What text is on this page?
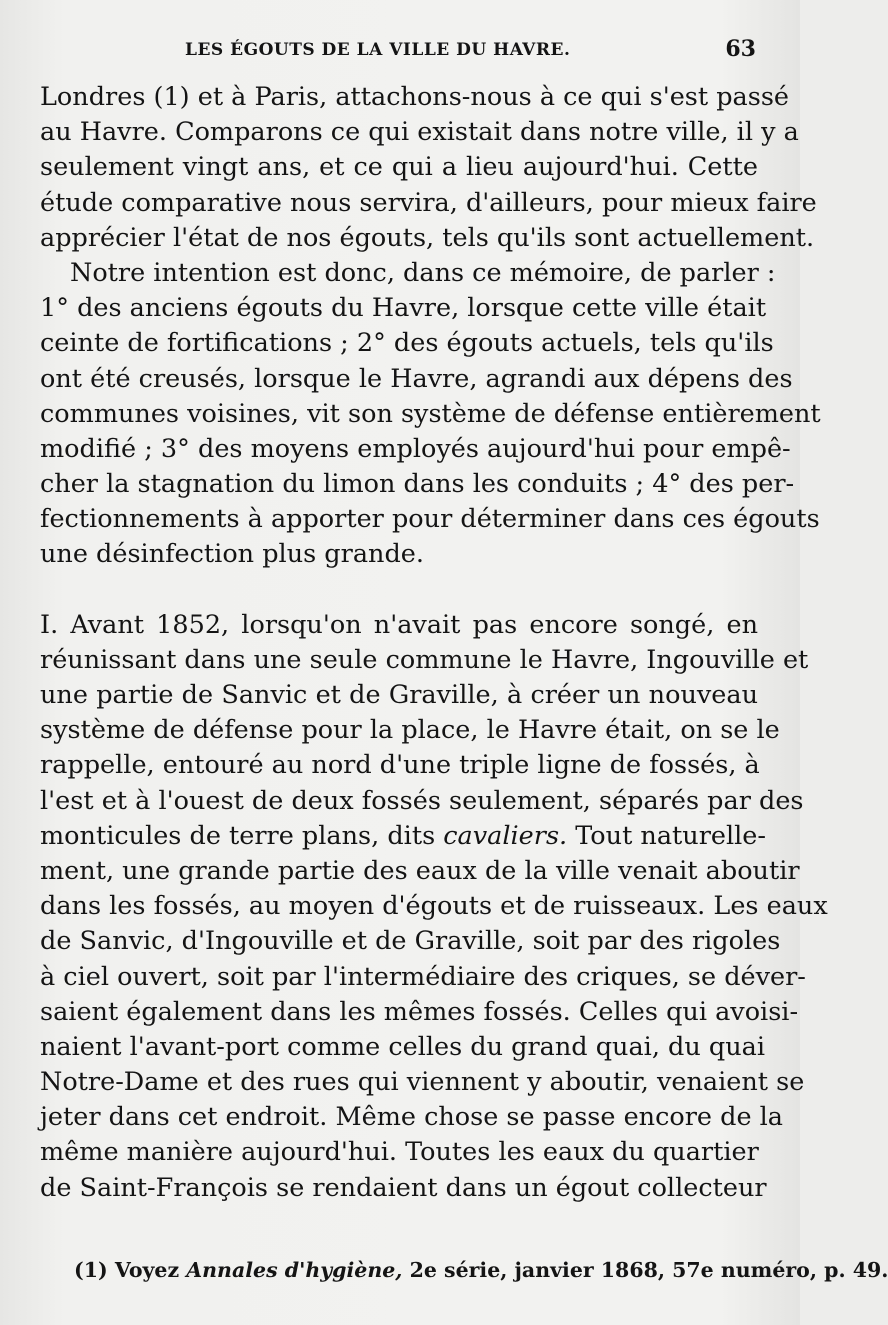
LES ÉGOUTS DE LA VILLE DU HAVRE.	63
Londres (1) et à Paris, attachons-nous à ce qui s'est passé
au Havre. Comparons ce qui existait dans notre ville, il y a
seulement vingt ans, et ce qui a lieu aujourd'hui. Cette
étude comparative nous servira, d'ailleurs, pour mieux faire
apprécier l'état de nos égouts, tels qu'ils sont actuellement.
Notre intention est donc, dans ce mémoire, de parler :
1° des anciens égouts du Havre, lorsque cette ville était
ceinte de fortifications ; 2° des égouts actuels, tels qu'ils
ont été creusés, lorsque le Havre, agrandi aux dépens des
communes voisines, vit son système de défense entièrement
modifié ; 3° des moyens employés aujourd'hui pour empê-
cher la stagnation du limon dans les conduits ; 4° des per-
fectionnements à apporter pour déterminer dans ces égouts
une désinfection plus grande.
I. Avant 1852, lorsqu'on n'avait pas encore songé, en
réunissant dans une seule commune le Havre, Ingouville et
une partie de Sanvic et de Graville, à créer un nouveau
système de défense pour la place, le Havre était, on se le
rappelle, entouré au nord d'une triple ligne de fossés, à
l'est et à l'ouest de deux fossés seulement, séparés par des
monticules de terre plans, dits cavaliers. Tout naturelle-
ment, une grande partie des eaux de la ville venait aboutir
dans les fossés, au moyen d'égouts et de ruisseaux. Les eaux
de Sanvic, d'Ingouville et de Graville, soit par des rigoles
à ciel ouvert, soit par l'intermédiaire des criques, se déver-
saient également dans les mêmes fossés. Celles qui avoisi-
naient l'avant-port comme celles du grand quai, du quai
Notre-Dame et des rues qui viennent y aboutir, venaient se
jeter dans cet endroit. Même chose se passe encore de la
même manière aujourd'hui. Toutes les eaux du quartier
de Saint-François se rendaient dans un égout collecteur
(1) Voyez Annales d'hygiène, 2e série, janvier 1868, 57e numéro, p. 49.
